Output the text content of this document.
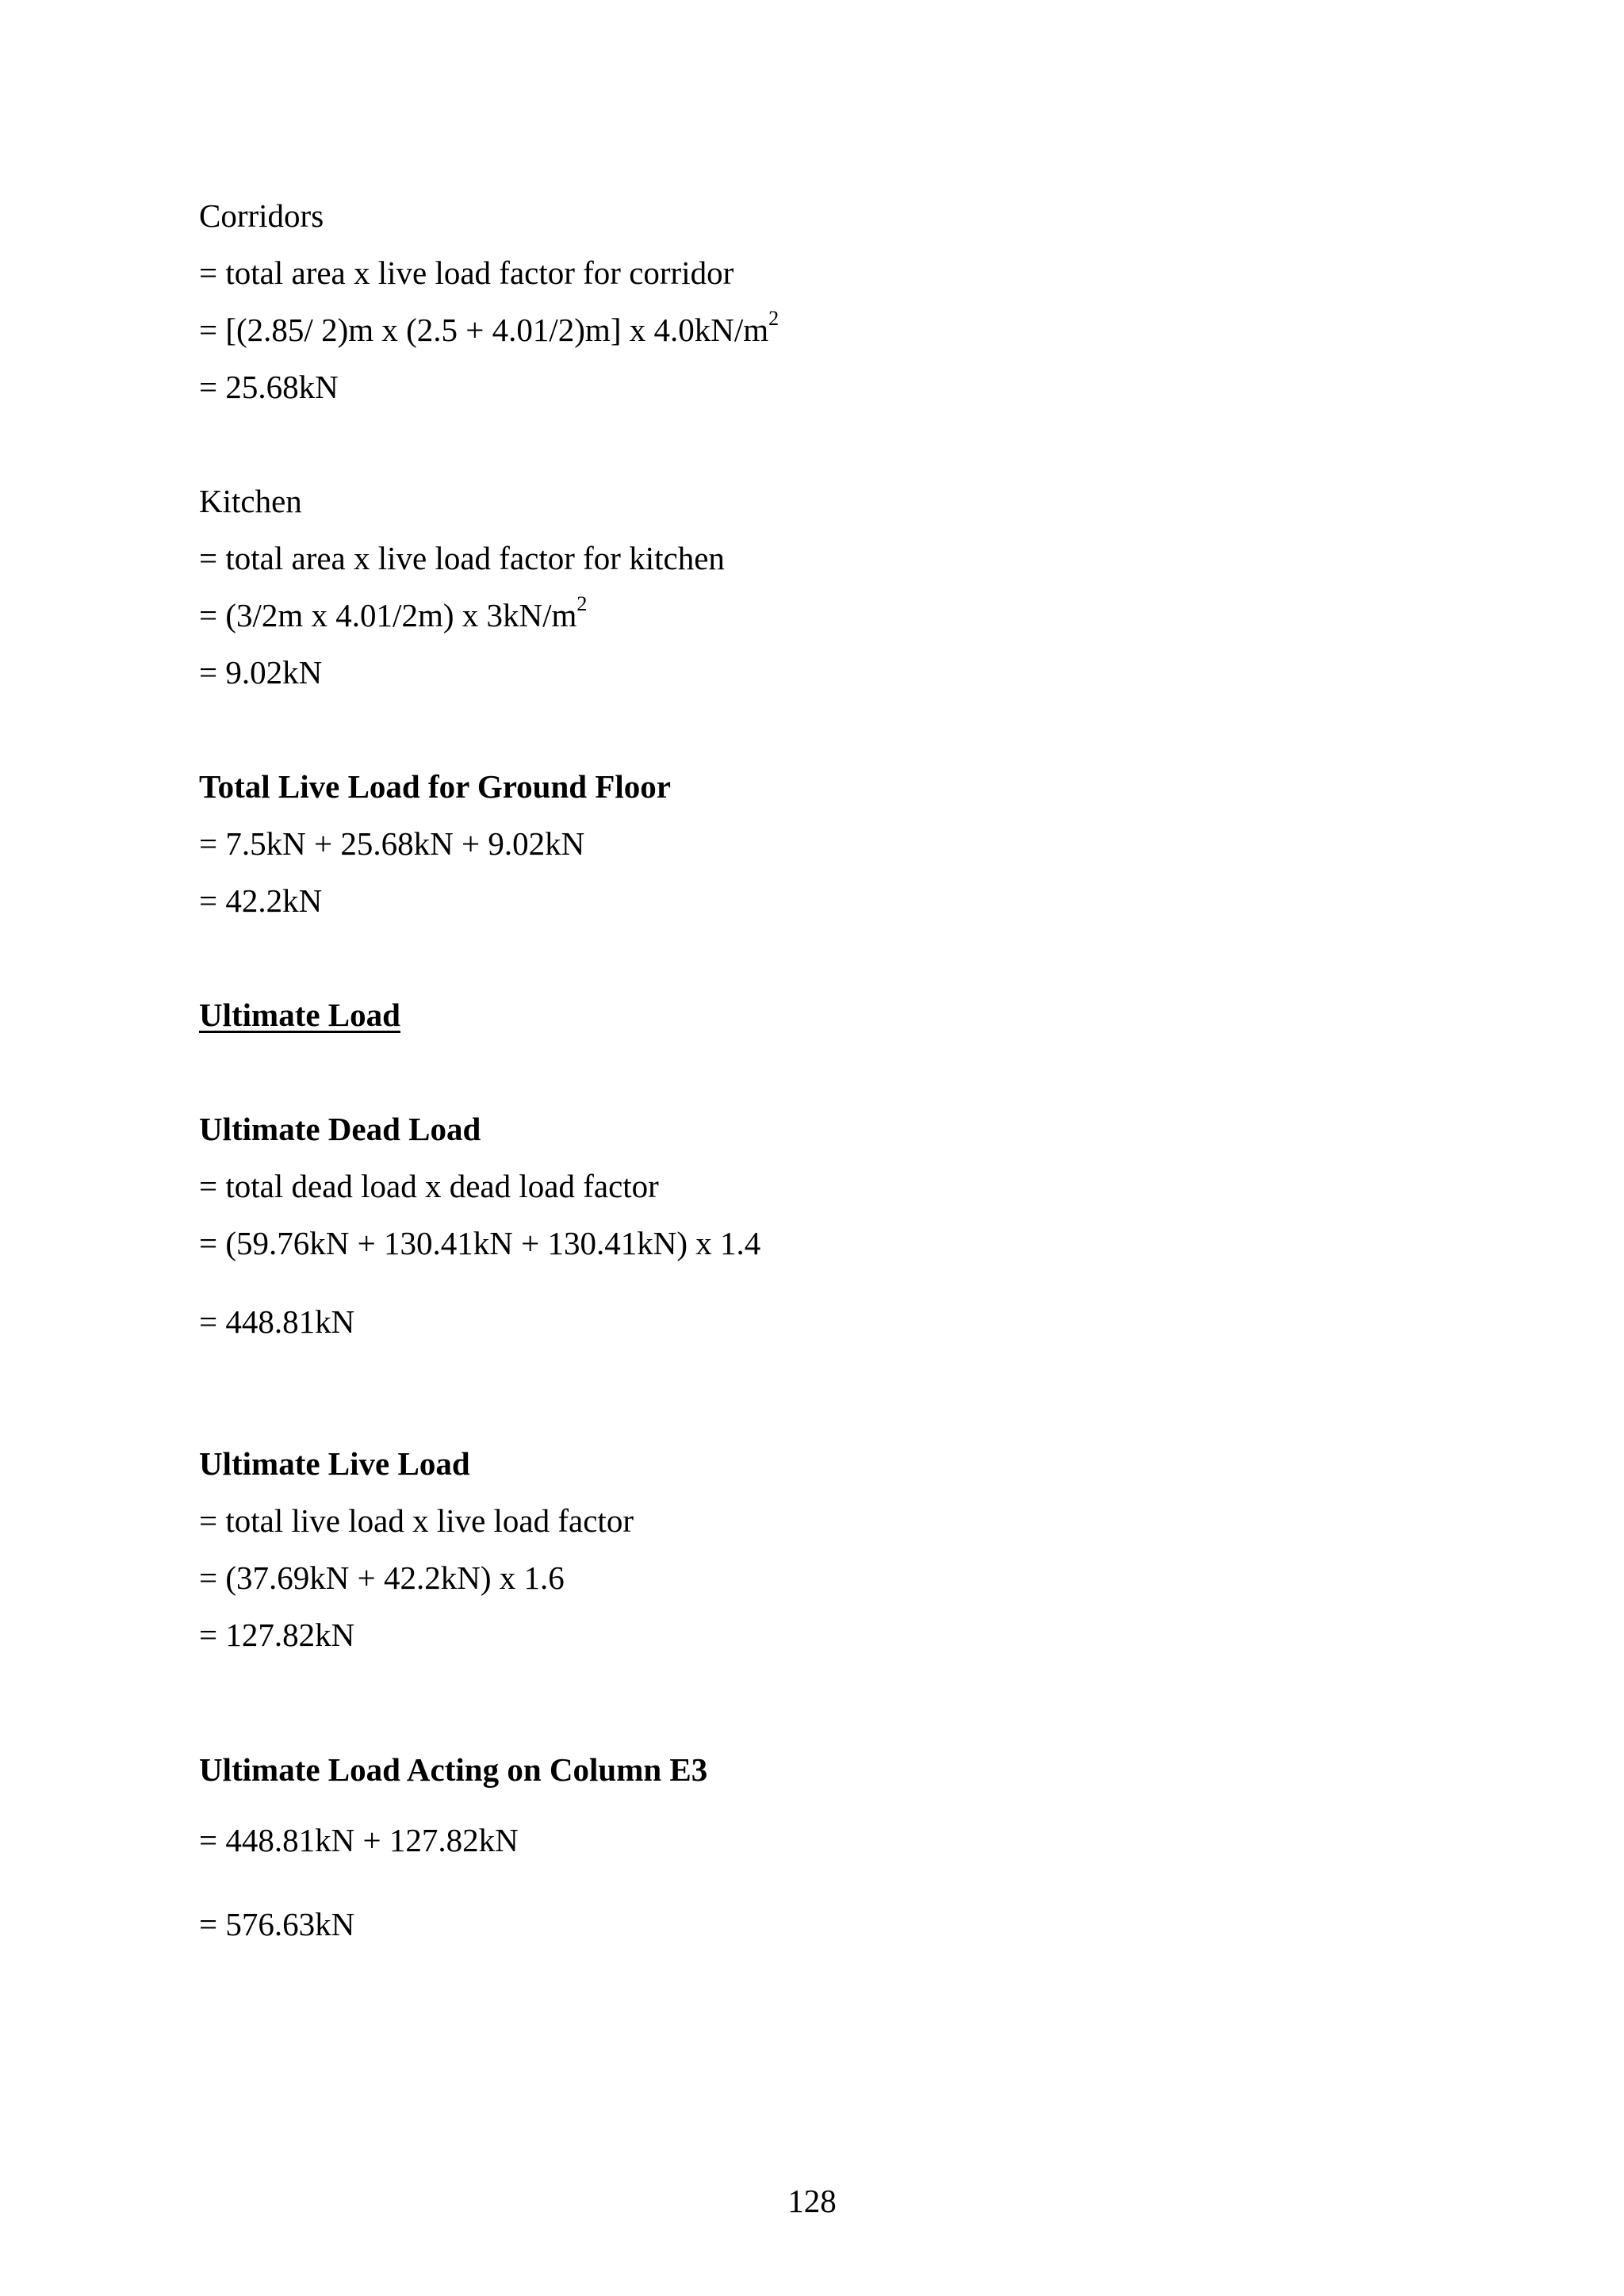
Corridors
= total area x live load factor for corridor
= [(2.85/ 2)m x (2.5 + 4.01/2)m] x $4.0kN/m^2$
= 25.68kN
Kitchen
= total area x live load factor for kitchen
= (3/2m x 4.01/2m) x $3kN/m^2$
= 9.02kN
Total Live Load for Ground Floor
= 7.5kN + 25.68kN + 9.02kN
= 42.2kN
Ultimate Load
Ultimate Dead Load
= total dead load x dead load factor
= (59.76kN + 130.41kN + 130.41kN) x 1.4
= 448.81kN
Ultimate Live Load
= total live load x live load factor
= (37.69kN + 42.2kN) x 1.6
= 127.82kN
Ultimate Load Acting on Column E3
= 448.81kN + 127.82kN
= 576.63kN
128
